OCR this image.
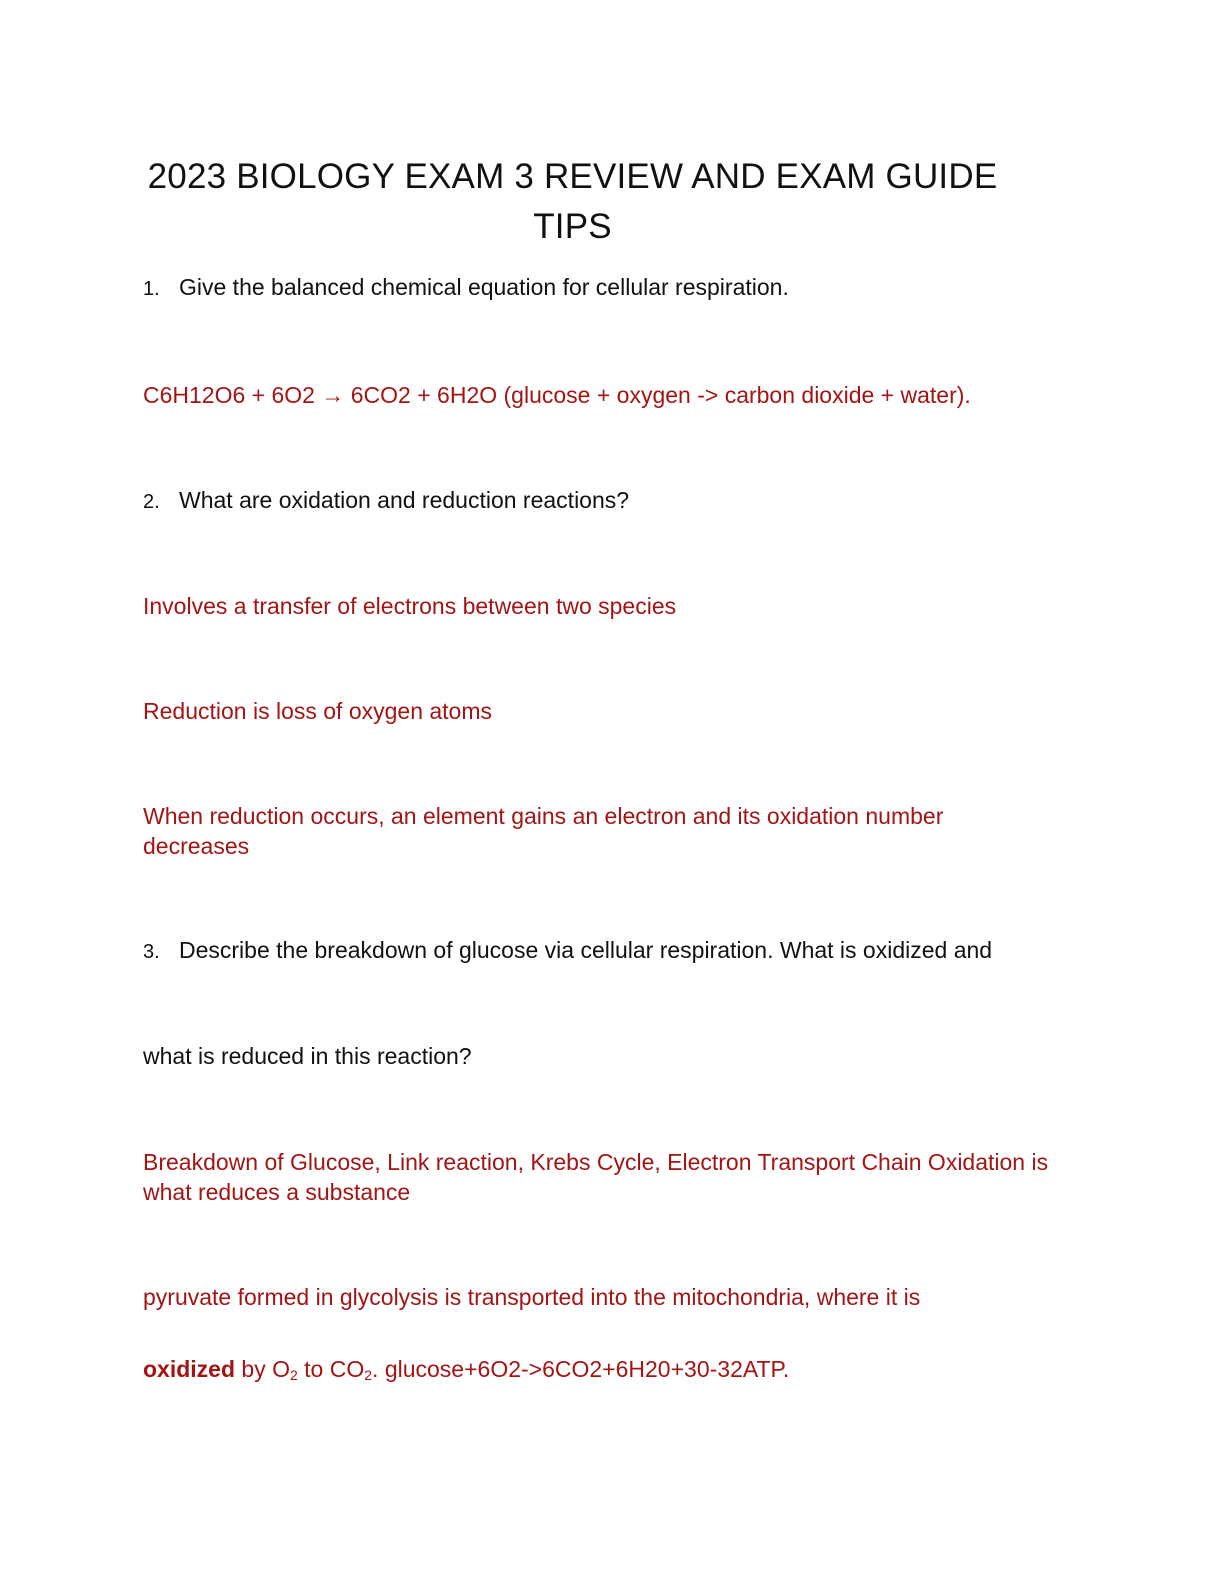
2023 BIOLOGY EXAM 3 REVIEW AND EXAM GUIDE TIPS
1. Give the balanced chemical equation for cellular respiration.
C6H12O6 + 6O2 → 6CO2 + 6H2O (glucose + oxygen -> carbon dioxide + water).
2. What are oxidation and reduction reactions?
Involves a transfer of electrons between two species
Reduction is loss of oxygen atoms
When reduction occurs, an element gains an electron and its oxidation number decreases
3. Describe the breakdown of glucose via cellular respiration. What is oxidized and
what is reduced in this reaction?
Breakdown of Glucose, Link reaction, Krebs Cycle, Electron Transport Chain Oxidation is what reduces a substance
pyruvate formed in glycolysis is transported into the mitochondria, where it is
oxidized by $O_2$ to $CO_2$. glucose+6O2->6CO2+6H20+30-32ATP.
